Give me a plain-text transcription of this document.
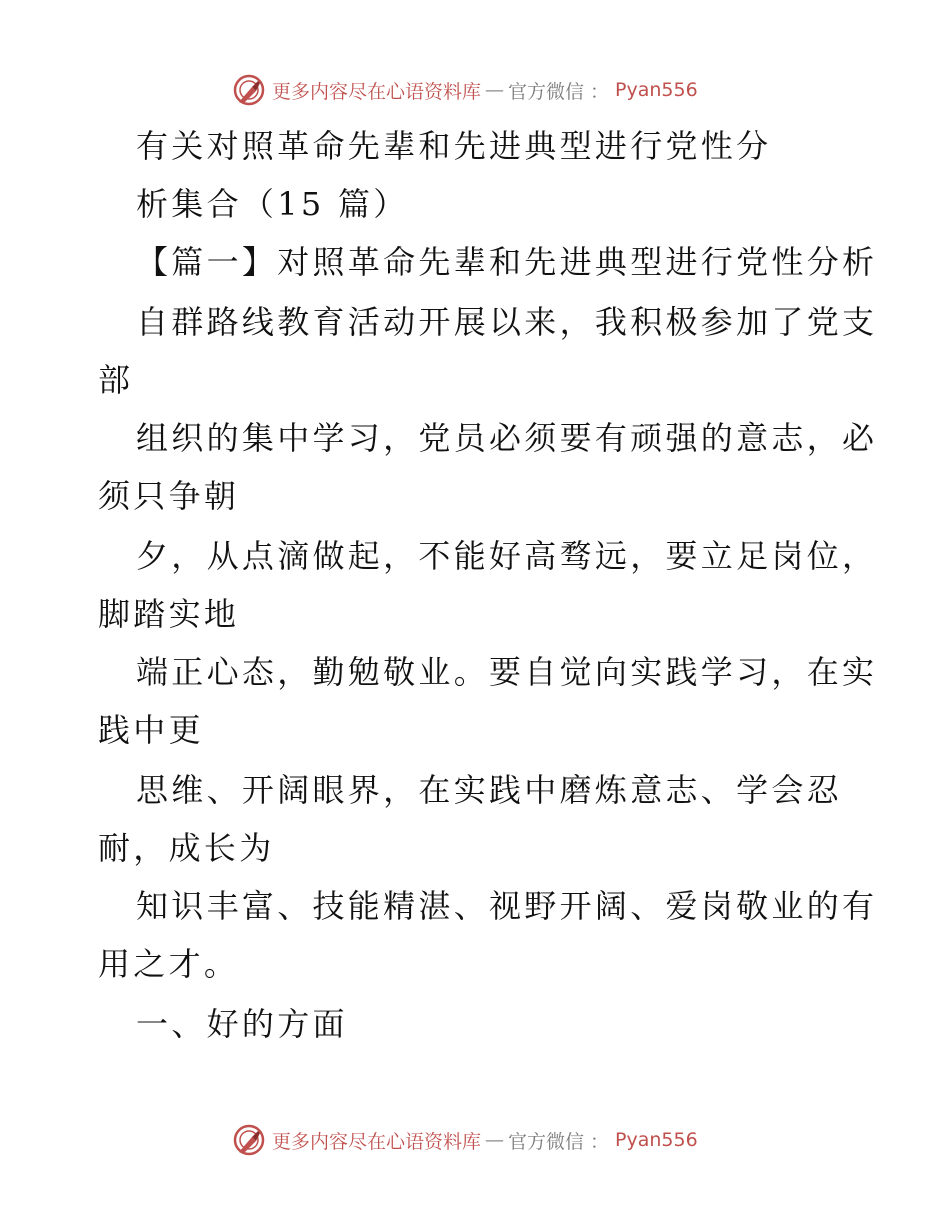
更多内容尽在心语资料库 — 官方微信 ： Pyan556
有关对照革命先辈和先进典型进行党性分
析集合（15 篇）
【篇一】对照革命先辈和先进典型进行党性分析
自群路线教育活动开展以来，我积极参加了党支
部
组织的集中学习，党员必须要有顽强的意志，必
须只争朝
夕，从点滴做起，不能好高骛远，要立足岗位，
脚踏实地
端正心态，勤勉敬业。要自觉向实践学习，在实
践中更
思维、开阔眼界，在实践中磨炼意志、学会忍
耐，成长为
知识丰富、技能精湛、视野开阔、爱岗敬业的有
用之才。
一、好的方面
更多内容尽在心语资料库 — 官方微信 ： Pyan556
